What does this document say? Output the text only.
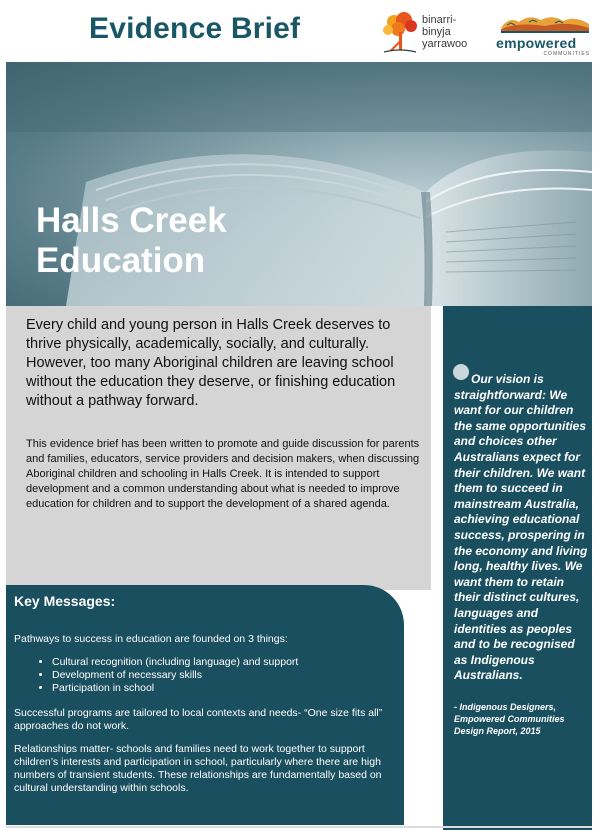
Evidence Brief	binarri-
binyja
yarrawoo empowered
COMMUNITIES
Halls Creek
Education
Every child and young person in Halls Creek deserves to thrive physically, academically, socially, and culturally. However, too many Aboriginal children are leaving school without the education they deserve, or finishing education without a pathway forward.
This evidence brief has been written to promote and guide discussion for parents and families, educators, service providers and decision makers, when discussing Aboriginal children and schooling in Halls Creek. It is intended to support development and a common understanding about what is needed to improve education for children and to support the development of a shared agenda.
Key Messages:

Pathways to success in education are founded on 3 things:

• Cultural recognition (including language) and support
• Development of necessary skills
• Participation in school

Successful programs are tailored to local contexts and needs- “One size fits all” approaches do not work.

Relationships matter- schools and families need to work together to support children’s interests and participation in school, particularly where there are high numbers of transient students. These relationships are fundamentally based on cultural understanding within schools.

Our vision is straightforward: We want for our children the same opportunities and choices other Australians expect for their children. We want them to succeed in mainstream Australia, achieving educational success, prospering in the economy and living long, healthy lives. We want them to retain their distinct cultures, languages and identities as peoples and to be recognised as Indigenous Australians.
- Indigenous Designers, Empowered Communities Design Report, 2015
